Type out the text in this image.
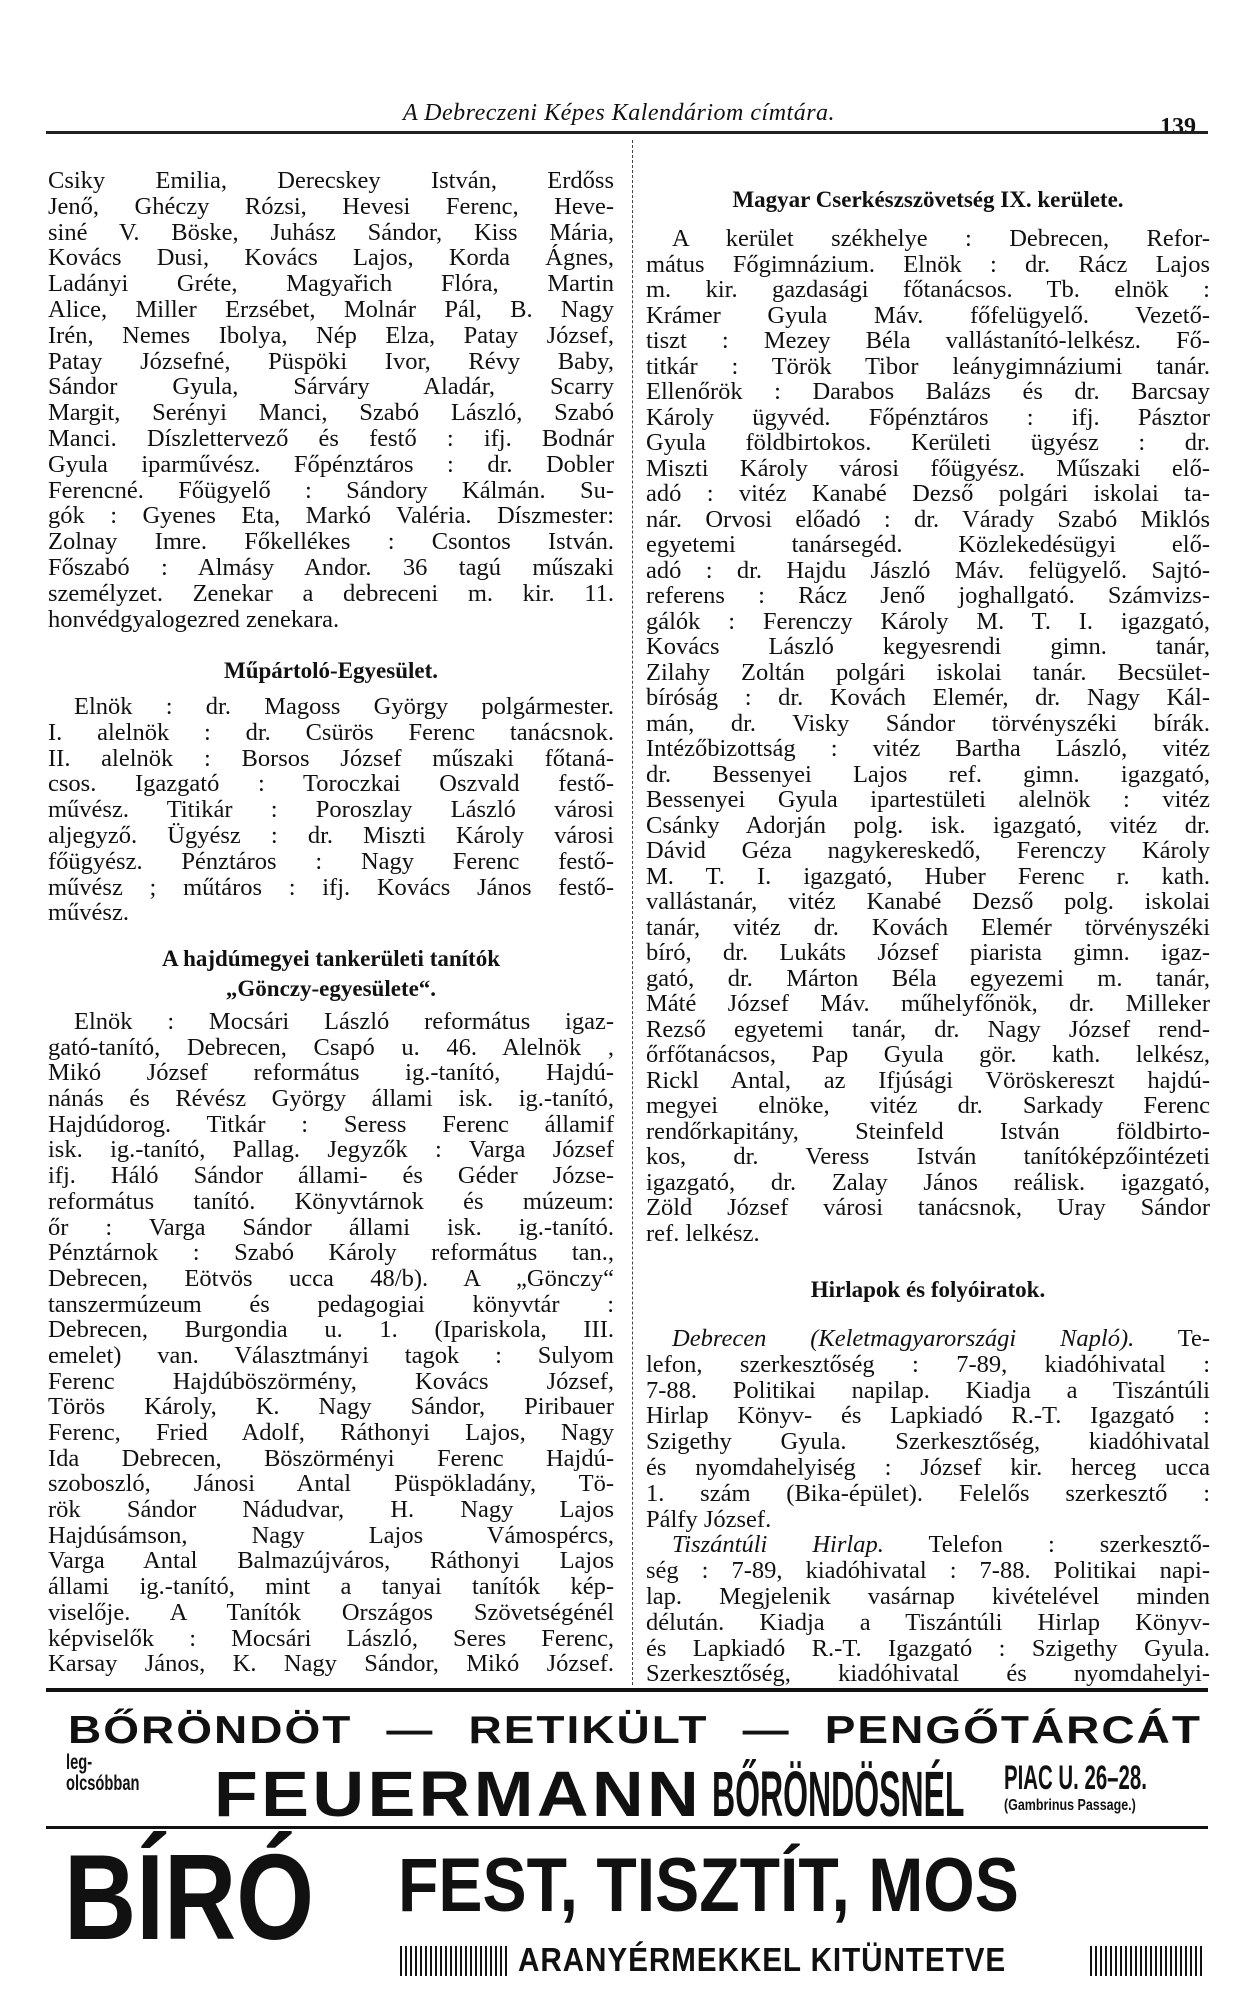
A Debreczeni Képes Kalendáriom címtára.
139
Csiky Emilia, Derecskey István, Erdőss
Jenő, Ghéczy Rózsi, Hevesi Ferenc, Heve-
siné V. Böske, Juhász Sándor, Kiss Mária,
Kovács Dusi, Kovács Lajos, Korda Ágnes,
Ladányi Gréte, Magyařich Flóra, Martin
Alice, Miller Erzsébet, Molnár Pál, B. Nagy
Irén, Nemes Ibolya, Nép Elza, Patay József,
Patay Józsefné, Püspöki Ivor, Révy Baby,
Sándor Gyula, Sárváry Aladár, Scarry
Margit, Serényi Manci, Szabó László, Szabó
Manci. Díszlettervező és festő : ifj. Bodnár
Gyula iparművész. Főpénztáros : dr. Dobler
Ferencné. Főügyelő : Sándory Kálmán. Su-
gók : Gyenes Eta, Markó Valéria. Díszmester:
Zolnay Imre. Főkellékes : Csontos István.
Főszabó : Almásy Andor. 36 tagú műszaki
személyzet. Zenekar a debreceni m. kir. 11.
honvédgyalogezred zenekara.
Műpártoló-Egyesület.
Elnök : dr. Magoss György polgármester.
I. alelnök : dr. Csürös Ferenc tanácsnok.
II. alelnök : Borsos József műszaki főtaná-
csos. Igazgató : Toroczkai Oszvald festő-
művész. Titikár : Poroszlay László városi
aljegyző. Ügyész : dr. Miszti Károly városi
főügyész. Pénztáros : Nagy Ferenc festő-
művész ; műtáros : ifj. Kovács János festő-
művész.
A hajdúmegyei tankerületi tanítók
„Gönczy-egyesülete“.
Elnök : Mocsári László református igaz-
gató-tanító, Debrecen, Csapó u. 46. Alelnök ,
Mikó József református ig.-tanító, Hajdú-
nánás és Révész György állami isk. ig.-tanító,
Hajdúdorog. Titkár : Seress Ferenc államif
isk. ig.-tanító, Pallag. Jegyzők : Varga József
ifj. Háló Sándor állami- és Géder Józse-
református tanító. Könyvtárnok és múzeum:
őr : Varga Sándor állami isk. ig.-tanító.
Pénztárnok : Szabó Károly református tan.,
Debrecen, Eötvös ucca 48/b). A „Gönczy“
tanszermúzeum és pedagogiai könyvtár :
Debrecen, Burgondia u. 1. (Ipariskola, III.
emelet) van. Választmányi tagok : Sulyom
Ferenc Hajdúböszörmény, Kovács József,
Törös Károly, K. Nagy Sándor, Piribauer
Ferenc, Fried Adolf, Ráthonyi Lajos, Nagy
Ida Debrecen, Böszörményi Ferenc Hajdú-
szoboszló, Jánosi Antal Püspökladány, Tö-
rök Sándor Nádudvar, H. Nagy Lajos
Hajdúsámson, Nagy Lajos Vámospércs,
Varga Antal Balmazújváros, Ráthonyi Lajos
állami ig.-tanító, mint a tanyai tanítók kép-
viselője. A Tanítók Országos Szövetségénél
képviselők : Mocsári László, Seres Ferenc,
Karsay János, K. Nagy Sándor, Mikó József.
Magyar Cserkészszövetség IX. kerülete.
A kerület székhelye : Debrecen, Refor-
mátus Főgimnázium. Elnök : dr. Rácz Lajos
m. kir. gazdasági főtanácsos. Tb. elnök :
Krámer Gyula Máv. főfelügyelő. Vezető-
tiszt : Mezey Béla vallástanító-lelkész. Fő-
titkár : Török Tibor leánygimnáziumi tanár.
Ellenőrök : Darabos Balázs és dr. Barcsay
Károly ügyvéd. Főpénztáros : ifj. Pásztor
Gyula földbirtokos. Kerületi ügyész : dr.
Miszti Károly városi főügyész. Műszaki elő-
adó : vitéz Kanabé Dezső polgári iskolai ta-
nár. Orvosi előadó : dr. Várady Szabó Miklós
egyetemi tanársegéd. Közlekedésügyi elő-
adó : dr. Hajdu Jászló Máv. felügyelő. Sajtó-
referens : Rácz Jenő joghallgató. Számvizs-
gálók : Ferenczy Károly M. T. I. igazgató,
Kovács László kegyesrendi gimn. tanár,
Zilahy Zoltán polgári iskolai tanár. Becsület-
bíróság : dr. Kovách Elemér, dr. Nagy Kál-
mán, dr. Visky Sándor törvényszéki bírák.
Intézőbizottság : vitéz Bartha László, vitéz
dr. Bessenyei Lajos ref. gimn. igazgató,
Bessenyei Gyula ipartestületi alelnök : vitéz
Csánky Adorján polg. isk. igazgató, vitéz dr.
Dávid Géza nagykereskedő, Ferenczy Károly
M. T. I. igazgató, Huber Ferenc r. kath.
vallástanár, vitéz Kanabé Dezső polg. iskolai
tanár, vitéz dr. Kovách Elemér törvényszéki
bíró, dr. Lukáts József piarista gimn. igaz-
gató, dr. Márton Béla egyezemi m. tanár,
Máté József Máv. műhelyfőnök, dr. Milleker
Rezső egyetemi tanár, dr. Nagy József rend-
őrfőtanácsos, Pap Gyula gör. kath. lelkész,
Rickl Antal, az Ifjúsági Vöröskereszt hajdú-
megyei elnöke, vitéz dr. Sarkady Ferenc
rendőrkapitány, Steinfeld István földbirto-
kos, dr. Veress István tanítóképzőintézeti
igazgató, dr. Zalay János reálisk. igazgató,
Zöld József városi tanácsnok, Uray Sándor
ref. lelkész.
Hirlapok és folyóiratok.
Debrecen (Keletmagyarországi Napló). Te-
lefon, szerkesztőség : 7-89, kiadóhivatal :
7-88. Politikai napilap. Kiadja a Tiszántúli
Hirlap Könyv- és Lapkiadó R.-T. Igazgató :
Szigethy Gyula. Szerkesztőség, kiadóhivatal
és nyomdahelyiség : József kir. herceg ucca
1. szám (Bika-épület). Felelős szerkesztő :
Pálfy József.
Tiszántúli Hirlap. Telefon : szerkesztő-
ség : 7-89, kiadóhivatal : 7-88. Politikai napi-
lap. Megjelenik vasárnap kivételével minden
délután. Kiadja a Tiszántúli Hirlap Könyv-
és Lapkiadó R.-T. Igazgató : Szigethy Gyula.
Szerkesztőség, kiadóhivatal és nyomdahelyi-
BŐRÖNDÖT — RETIKÜLT — PENGŐTÁRCÁT
leg-
olcsóbban FEUERMANN BŐRÖNDÖSNÉL PIAC U. 26–28.
(Gambrinus Passage.)
BÍRÓ FEST, TISZTÍT, MOS
ARANYÉRMEKKEL KITÜNTETVE
